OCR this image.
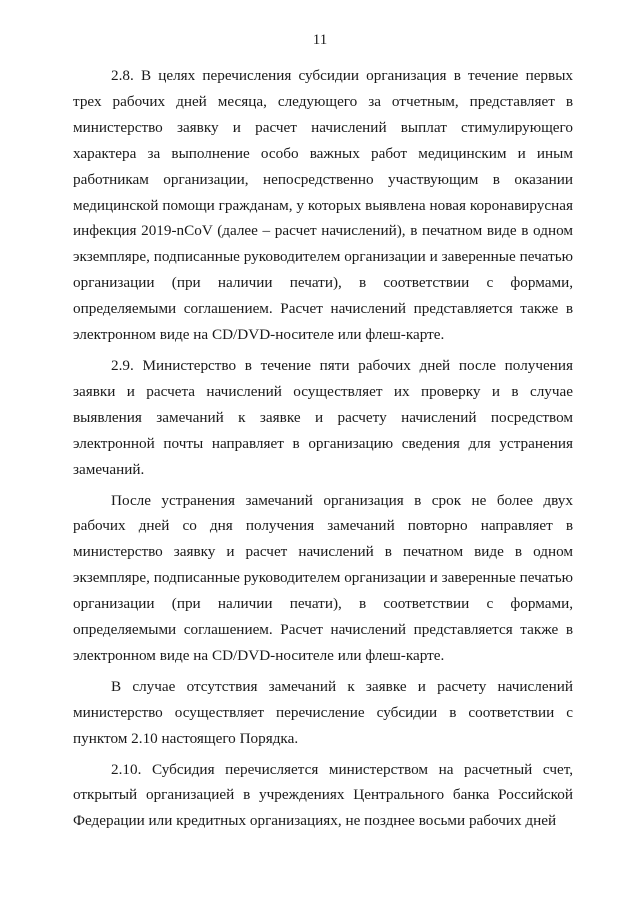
11

2.8. В целях перечисления субсидии организация в течение первых трех рабочих дней месяца, следующего за отчетным, представляет в министерство заявку и расчет начислений выплат стимулирующего характера за выполнение особо важных работ медицинским и иным работникам организации, непосредственно участвующим в оказании медицинской помощи гражданам, у которых выявлена новая коронавирусная инфекция 2019-nCoV (далее – расчет начислений), в печатном виде в одном экземпляре, подписанные руководителем организации и заверенные печатью организации (при наличии печати), в соответствии с формами, определяемыми соглашением. Расчет начислений представляется также в электронном виде на CD/DVD-носителе или флеш-карте.

2.9. Министерство в течение пяти рабочих дней после получения заявки и расчета начислений осуществляет их проверку и в случае выявления замечаний к заявке и расчету начислений посредством электронной почты направляет в организацию сведения для устранения замечаний.

После устранения замечаний организация в срок не более двух рабочих дней со дня получения замечаний повторно направляет в министерство заявку и расчет начислений в печатном виде в одном экземпляре, подписанные руководителем организации и заверенные печатью организации (при наличии печати), в соответствии с формами, определяемыми соглашением. Расчет начислений представляется также в электронном виде на CD/DVD-носителе или флеш-карте.

В случае отсутствия замечаний к заявке и расчету начислений министерство осуществляет перечисление субсидии в соответствии с пунктом 2.10 настоящего Порядка.

2.10. Субсидия перечисляется министерством на расчетный счет, открытый организацией в учреждениях Центрального банка Российской Федерации или кредитных организациях, не позднее восьми рабочих дней
